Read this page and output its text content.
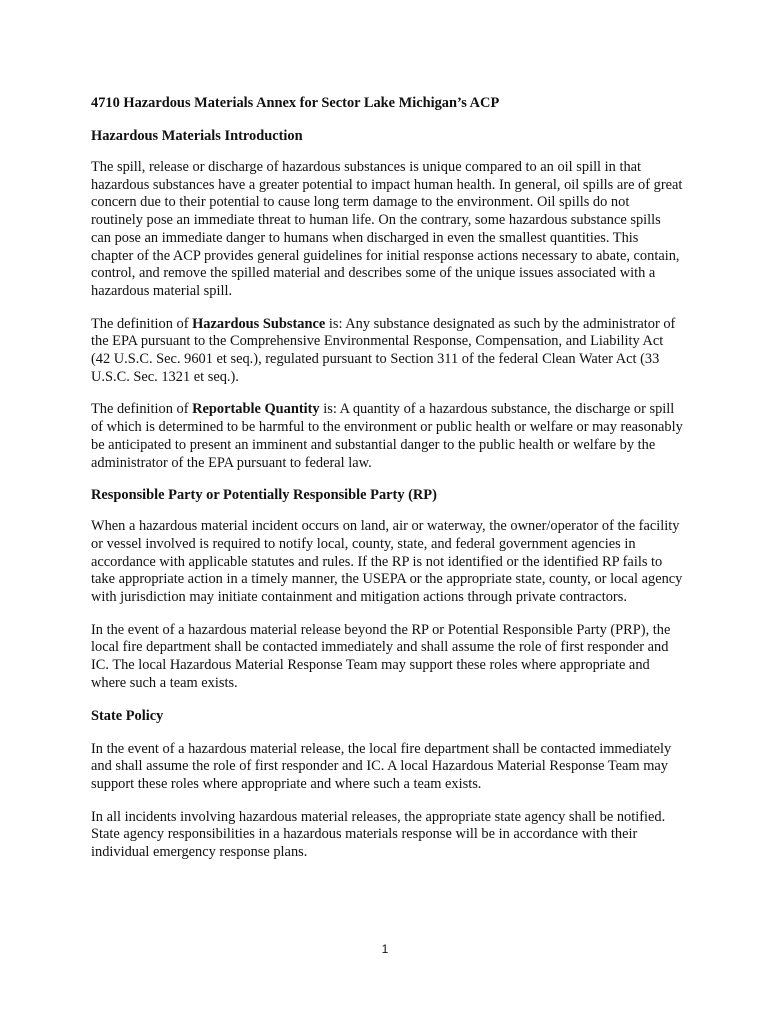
4710 Hazardous Materials Annex for Sector Lake Michigan’s ACP
Hazardous Materials Introduction

The spill, release or discharge of hazardous substances is unique compared to an oil spill in that hazardous substances have a greater potential to impact human health. In general, oil spills are of great concern due to their potential to cause long term damage to the environment. Oil spills do not routinely pose an immediate threat to human life. On the contrary, some hazardous substance spills can pose an immediate danger to humans when discharged in even the smallest quantities. This chapter of the ACP provides general guidelines for initial response actions necessary to abate, contain, control, and remove the spilled material and describes some of the unique issues associated with a hazardous material spill.

The definition of Hazardous Substance is: Any substance designated as such by the administrator of the EPA pursuant to the Comprehensive Environmental Response, Compensation, and Liability Act (42 U.S.C. Sec. 9601 et seq.), regulated pursuant to Section 311 of the federal Clean Water Act (33 U.S.C. Sec. 1321 et seq.).

The definition of Reportable Quantity is: A quantity of a hazardous substance, the discharge or spill of which is determined to be harmful to the environment or public health or welfare or may reasonably be anticipated to present an imminent and substantial danger to the public health or welfare by the administrator of the EPA pursuant to federal law.

Responsible Party or Potentially Responsible Party (RP)

When a hazardous material incident occurs on land, air or waterway, the owner/operator of the facility or vessel involved is required to notify local, county, state, and federal government agencies in accordance with applicable statutes and rules. If the RP is not identified or the identified RP fails to take appropriate action in a timely manner, the USEPA or the appropriate state, county, or local agency with jurisdiction may initiate containment and mitigation actions through private contractors.

In the event of a hazardous material release beyond the RP or Potential Responsible Party (PRP), the local fire department shall be contacted immediately and shall assume the role of first responder and IC. The local Hazardous Material Response Team may support these roles where appropriate and where such a team exists.

State Policy

In the event of a hazardous material release, the local fire department shall be contacted immediately and shall assume the role of first responder and IC. A local Hazardous Material Response Team may support these roles where appropriate and where such a team exists.

In all incidents involving hazardous material releases, the appropriate state agency shall be notified. State agency responsibilities in a hazardous materials response will be in accordance with their individual emergency response plans.

1
